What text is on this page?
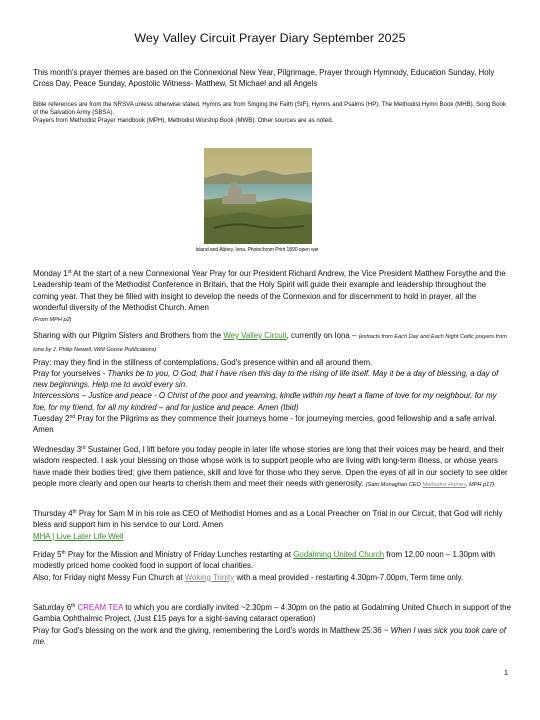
Wey Valley Circuit Prayer Diary September 2025
This month's prayer themes are based on the Connexional New Year, Pilgrimage, Prayer through Hymnody, Education Sunday, Holy Cross Day, Peace Sunday, Apostolic Witness- Matthew, St Michael and all Angels
Bible references are from the NRSVA unless otherwise stated. Hymns are from Singing the Faith (StF), Hymns and Psalms (HP). The Methodist Hymn Book (MHB), Song Book of the Salvation Army (SBSA).
Prayers from Methodist Prayer Handbook (MPH), Methodist Worship Book (MWB). Other sources are as noted.
Island and Abbey, Iona, Photochrom Print 1890 open wie
Monday 1st At the start of a new Connexional Year Pray for our President Richard Andrew, the Vice President Matthew Forsythe and the Leadership team of the Methodist Conference in Britain, that the Holy Spirit will guide their example and leadership throughout the coming year. That they be filled with insight to develop the needs of the Connexion and for discernment to hold in prayer, all the wonderful diversity of the Methodist Church. Amen
(From MPH p2)
Sharing with our Pilgrim Sisters and Brothers from the Wey Valley Circuit, currently on Iona – (extracts from Each Day and Each Night Celtic prayers from Iona by J. Philip Newell, Wild Goose Publications)
Pray: may they find in the stillness of contemplations, God's presence within and all around them.
Pray for yourselves - Thanks be to you, O God, that I have risen this day to the rising of life itself. May it be a day of blessing, a day of new beginnings. Help me to avoid every sin.
Intercessions – Justice and peace - O Christ of the poor and yearning, kindle within my heart a flame of love for my neighbour, for my foe, for my friend, for all my kindred – and for justice and peace. Amen (Ibid)
Tuesday 2nd Pray for the Pilgrims as they commence their journeys home - for journeying mercies, good fellowship and a safe arrival. Amen
Wednesday 3rd Sustainer God, I lift before you today people in later life whose stories are long that their voices may be heard, and their wisdom respected. I ask your blessing on those whose work is to support people who are living with long-term illness, or whose years have made their bodies tired; give them patience, skill and love for those who they serve. Open the eyes of all in our society to see older people more clearly and open our hearts to cherish them and meet their needs with generosity. (Sam Monaghan CEO Methodist Homes, MPH p17)
Thursday 4th Pray for Sam M in his role as CEO of Methodist Homes and as a Local Preacher on Trial in our Circuit, that God will richly bless and support him in his service to our Lord. Amen
MHA | Live Later Life Well
Friday 5th Pray for the Mission and Ministry of Friday Lunches restarting at Godalming United Church from 12.00 noon – 1.30pm with modestly priced home cooked food in support of local charities.
Also, for Friday night Messy Fun Church at Woking Trinity with a meal provided - restarting 4.30pm-7.00pm, Term time only.
Saturday 6th CREAM TEA to which you are cordially invited ~2.30pm – 4.30pm on the patio at Godalming United Church in support of the Gambia Ophthalmic Project, (Just £15 pays for a sight-saving cataract operation)
Pray for God's blessing on the work and the giving, remembering the Lord's words in Matthew 25:36 ~ When I was sick you took care of me.
1
